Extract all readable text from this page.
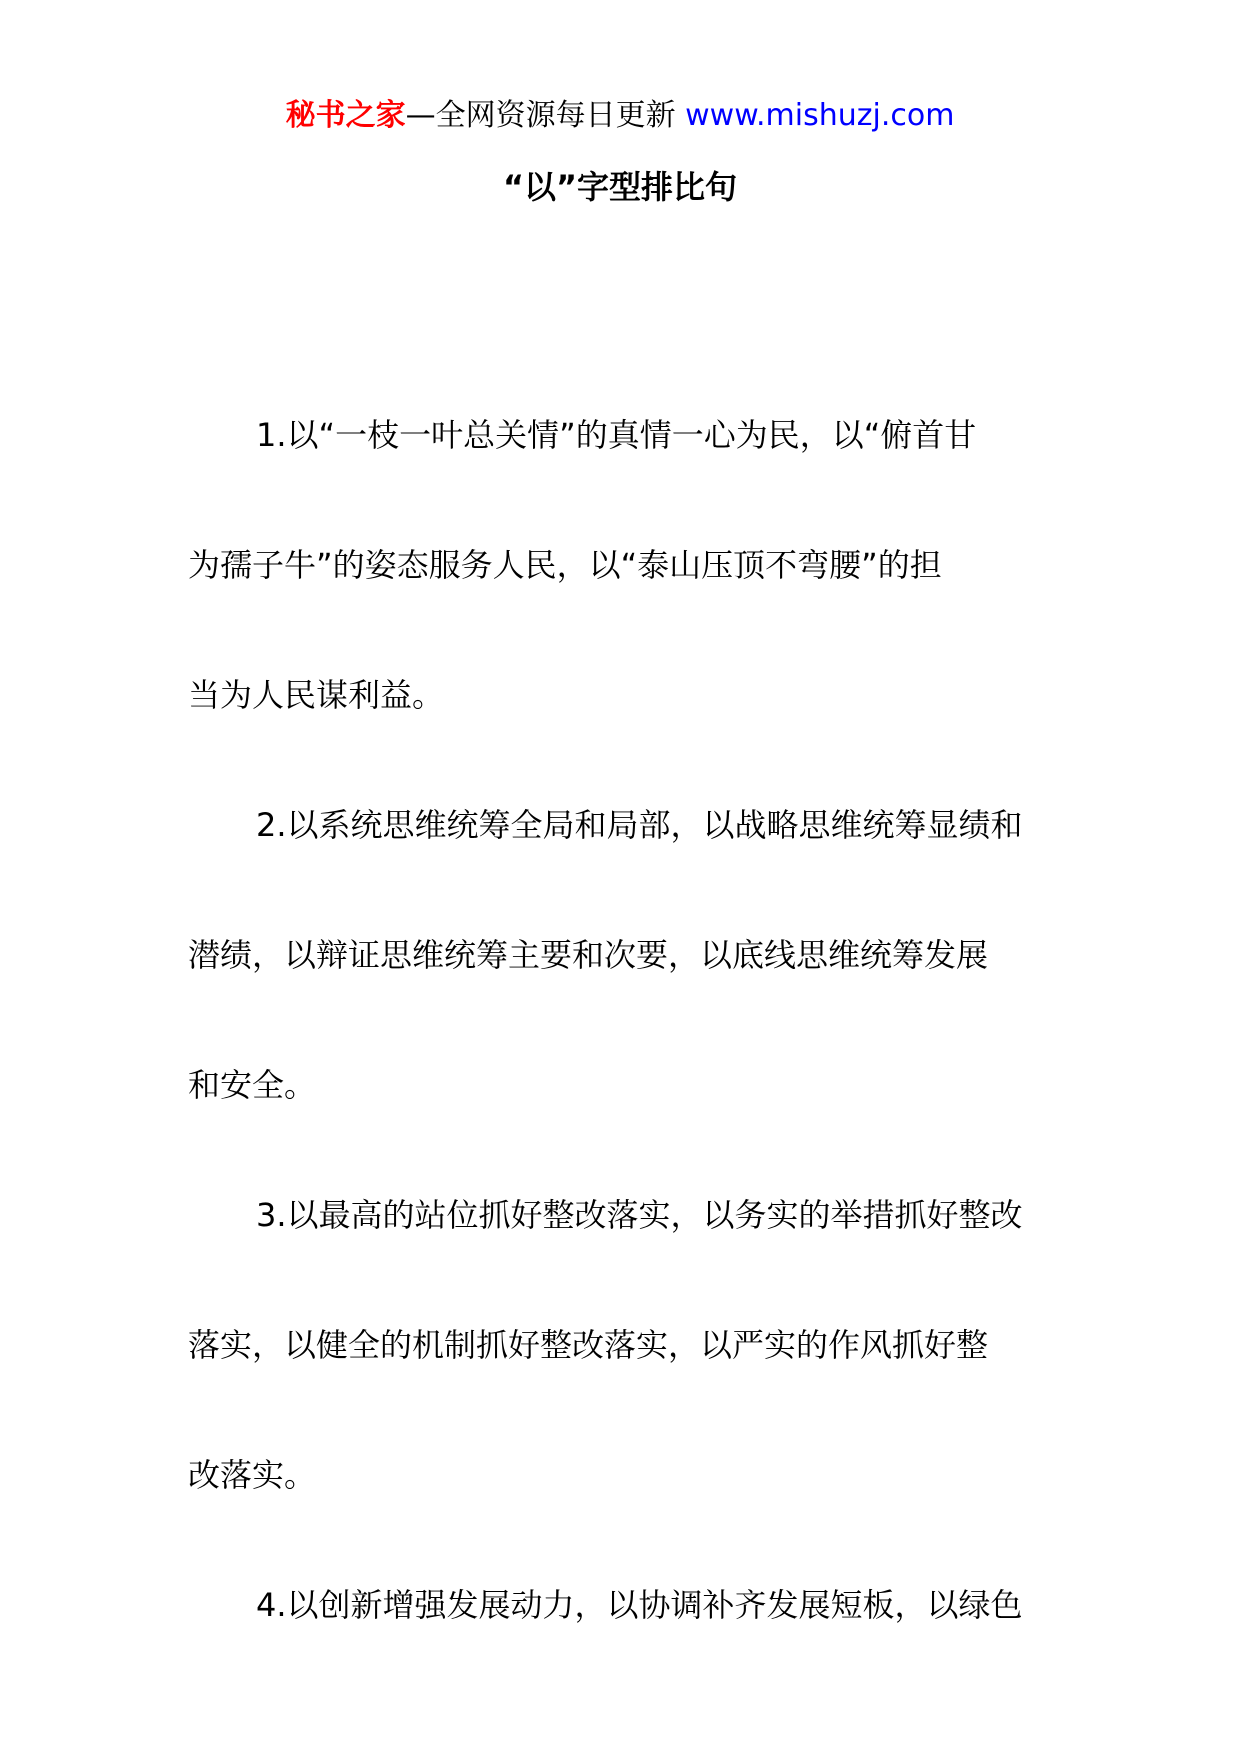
秘书之家—全网资源每日更新 www.mishuzj.com
“以”字型排比句
1.以“一枝一叶总关情”的真情一心为民，以“俯首甘
为孺子牛”的姿态服务人民，以“泰山压顶不弯腰”的担
当为人民谋利益。
2.以系统思维统筹全局和局部，以战略思维统筹显绩和
潜绩，以辩证思维统筹主要和次要，以底线思维统筹发展
和安全。
3.以最高的站位抓好整改落实，以务实的举措抓好整改
落实，以健全的机制抓好整改落实，以严实的作风抓好整
改落实。
4.以创新增强发展动力，以协调补齐发展短板，以绿色
